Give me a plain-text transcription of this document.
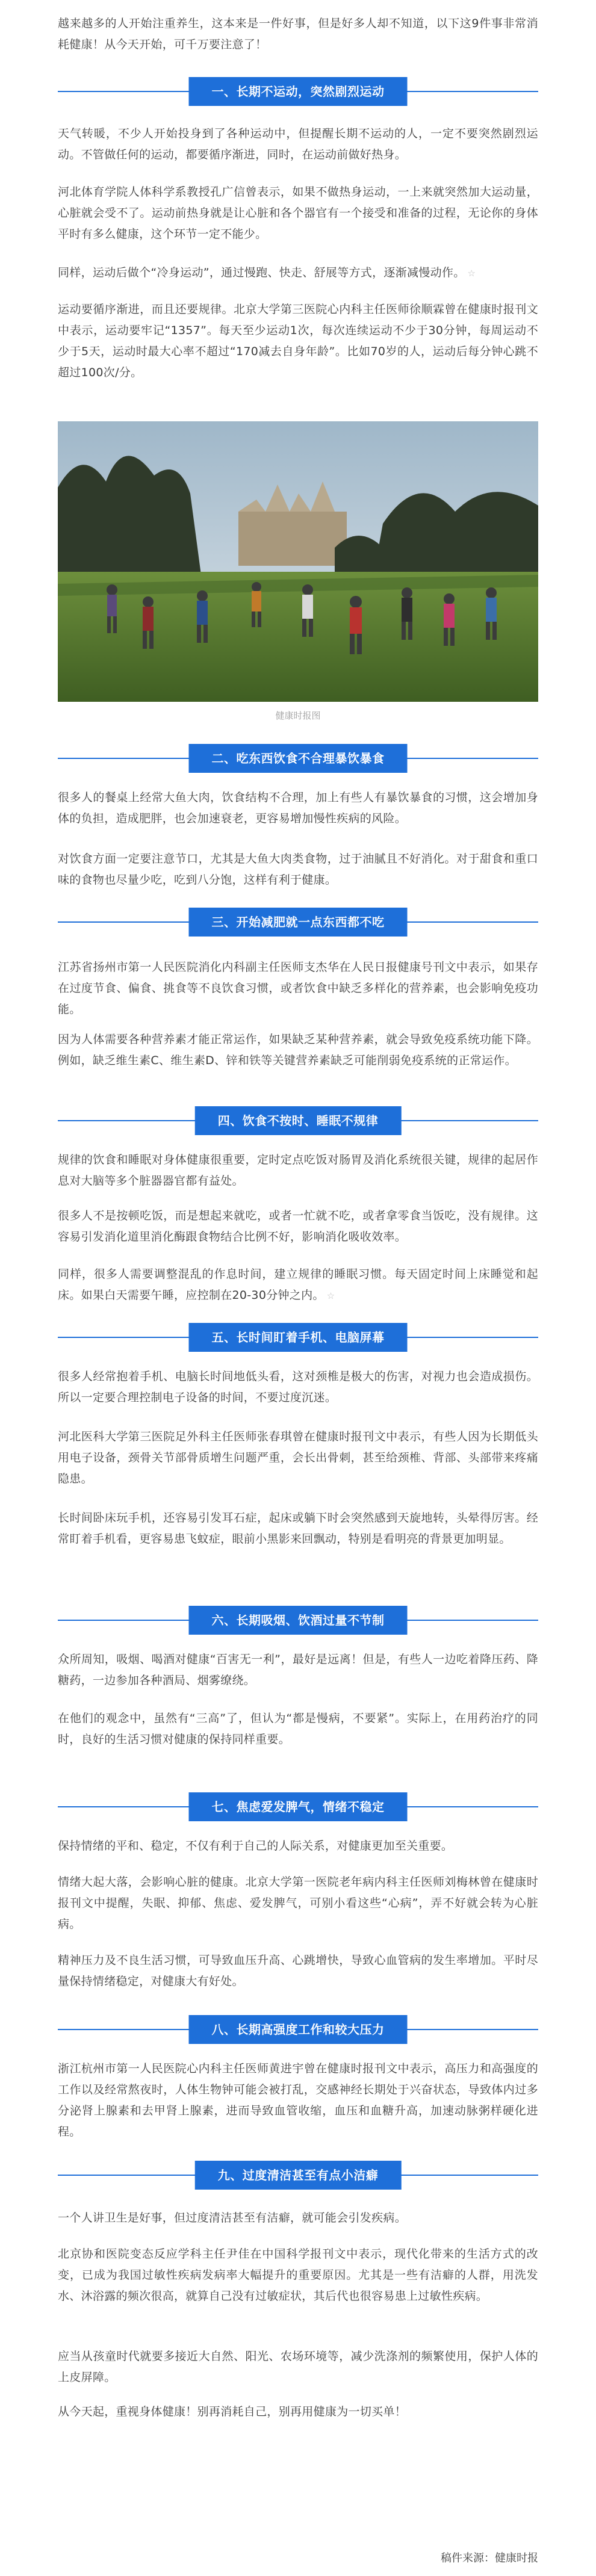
越来越多的人开始注重养生，这本来是一件好事，但是好多人却不知道，以下这9件事非常消耗健康！从今天开始，可千万要注意了！

一、长期不运动，突然剧烈运动

天气转暖，不少人开始投身到了各种运动中，但提醒长期不运动的人，一定不要突然剧烈运动。不管做任何的运动，都要循序渐进，同时，在运动前做好热身。

河北体育学院人体科学系教授孔广信曾表示，如果不做热身运动，一上来就突然加大运动量，心脏就会受不了。运动前热身就是让心脏和各个器官有一个接受和准备的过程，无论你的身体平时有多么健康，这个环节一定不能少。

同样，运动后做个“冷身运动”，通过慢跑、快走、舒展等方式，逐渐减慢动作。 ☆

运动要循序渐进，而且还要规律。北京大学第三医院心内科主任医师徐顺霖曾在健康时报刊文中表示，运动要牢记“1357”。每天至少运动1次，每次连续运动不少于30分钟，每周运动不少于5天，运动时最大心率不超过“170减去自身年龄”。比如70岁的人，运动后每分钟心跳不超过100次/分。

健康时报图
二、吃东西饮食不合理暴饮暴食

很多人的餐桌上经常大鱼大肉，饮食结构不合理，加上有些人有暴饮暴食的习惯，这会增加身体的负担，造成肥胖，也会加速衰老，更容易增加慢性疾病的风险。

对饮食方面一定要注意节口，尤其是大鱼大肉类食物，过于油腻且不好消化。对于甜食和重口味的食物也尽量少吃，吃到八分饱，这样有利于健康。

三、开始减肥就一点东西都不吃

江苏省扬州市第一人民医院消化内科副主任医师支杰华在人民日报健康号刊文中表示，如果存在过度节食、偏食、挑食等不良饮食习惯，或者饮食中缺乏多样化的营养素，也会影响免疫功能。

因为人体需要各种营养素才能正常运作，如果缺乏某种营养素，就会导致免疫系统功能下降。例如，缺乏维生素C、维生素D、锌和铁等关键营养素缺乏可能削弱免疫系统的正常运作。

四、饮食不按时、睡眠不规律

规律的饮食和睡眠对身体健康很重要，定时定点吃饭对肠胃及消化系统很关键，规律的起居作息对大脑等多个脏器器官都有益处。

很多人不是按顿吃饭，而是想起来就吃，或者一忙就不吃，或者拿零食当饭吃，没有规律。这容易引发消化道里消化酶跟食物结合比例不好，影响消化吸收效率。

同样，很多人需要调整混乱的作息时间，建立规律的睡眠习惯。每天固定时间上床睡觉和起床。如果白天需要午睡，应控制在20-30分钟之内。 ☆

五、长时间盯着手机、电脑屏幕

很多人经常抱着手机、电脑长时间地低头看，这对颈椎是极大的伤害，对视力也会造成损伤。所以一定要合理控制电子设备的时间，不要过度沉迷。

河北医科大学第三医院足外科主任医师张春琪曾在健康时报刊文中表示，有些人因为长期低头用电子设备，颈骨关节部骨质增生问题严重，会长出骨刺，甚至给颈椎、背部、头部带来疼痛隐患。

长时间卧床玩手机，还容易引发耳石症，起床或躺下时会突然感到天旋地转，头晕得厉害。经常盯着手机看，更容易患飞蚊症，眼前小黑影来回飘动，特别是看明亮的背景更加明显。

六、长期吸烟、饮酒过量不节制

众所周知，吸烟、喝酒对健康“百害无一利”，最好是远离！但是，有些人一边吃着降压药、降糖药，一边参加各种酒局、烟雾缭绕。

在他们的观念中，虽然有“三高”了，但认为“都是慢病，不要紧”。实际上，在用药治疗的同时，良好的生活习惯对健康的保持同样重要。

七、焦虑爱发脾气，情绪不稳定

保持情绪的平和、稳定，不仅有利于自己的人际关系，对健康更加至关重要。

情绪大起大落，会影响心脏的健康。北京大学第一医院老年病内科主任医师刘梅林曾在健康时报刊文中提醒，失眠、抑郁、焦虑、爱发脾气，可别小看这些“心病”，弄不好就会转为心脏病。

精神压力及不良生活习惯，可导致血压升高、心跳增快，导致心血管病的发生率增加。平时尽量保持情绪稳定，对健康大有好处。

八、长期高强度工作和较大压力

浙江杭州市第一人民医院心内科主任医师黄进宇曾在健康时报刊文中表示，高压力和高强度的工作以及经常熬夜时，人体生物钟可能会被打乱，交感神经长期处于兴奋状态，导致体内过多分泌肾上腺素和去甲肾上腺素，进而导致血管收缩，血压和血糖升高，加速动脉粥样硬化进程。

九、过度清洁甚至有点小洁癖

一个人讲卫生是好事，但过度清洁甚至有洁癖，就可能会引发疾病。

北京协和医院变态反应学科主任尹佳在中国科学报刊文中表示，现代化带来的生活方式的改变，已成为我国过敏性疾病发病率大幅提升的重要原因。尤其是一些有洁癖的人群，用洗发水、沐浴露的频次很高，就算自己没有过敏症状，其后代也很容易患上过敏性疾病。

应当从孩童时代就要多接近大自然、阳光、农场环境等，减少洗涤剂的频繁使用，保护人体的上皮屏障。

从今天起，重视身体健康！别再消耗自己，别再用健康为一切买单！

稿件来源：健康时报
